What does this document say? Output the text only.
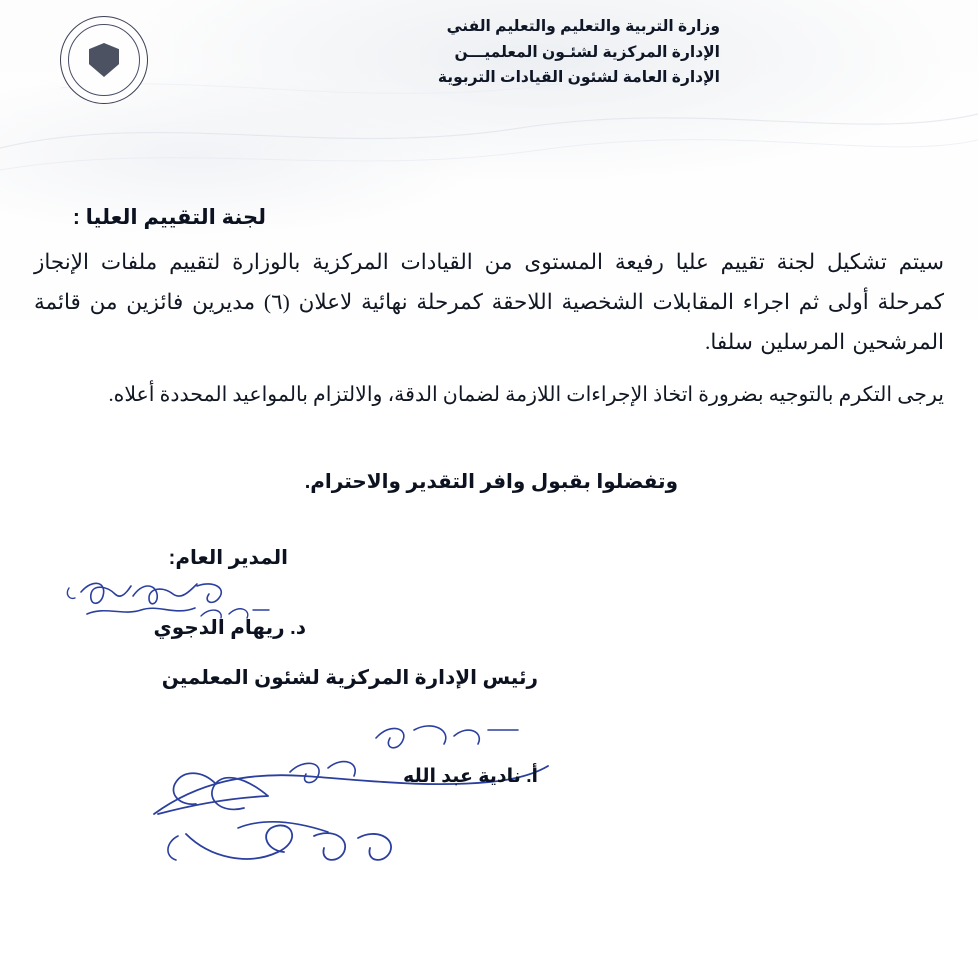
وزارة التربية والتعليم والتعليم الفني
الإدارة المركزية لشئـون المعلميـــن
الإدارة العامة لشئون القيادات التربوية
لجنة التقييم العليا :
سيتم تشكيل لجنة تقييم عليا رفيعة المستوى من القيادات المركزية بالوزارة لتقييم ملفات الإنجاز كمرحلة أولى ثم اجراء المقابلات الشخصية اللاحقة كمرحلة نهائية لاعلان (٦) مديرين فائزين من قائمة المرشحين المرسلين سلفا.
يرجى التكرم بالتوجيه بضرورة اتخاذ الإجراءات اللازمة لضمان الدقة، والالتزام بالمواعيد المحددة أعلاه.
وتفضلوا بقبول وافر التقدير والاحترام.
المدير العام:
د. ريهام الدجوي
رئيس الإدارة المركزية لشئون المعلمين
أ. نادية عبد الله
